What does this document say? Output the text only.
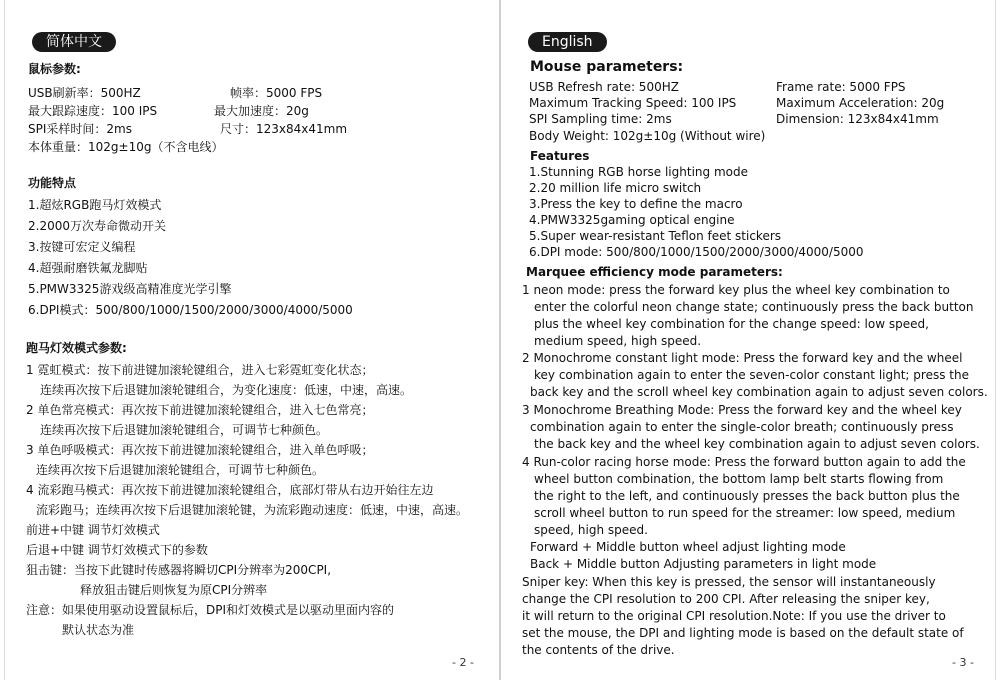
简体中文
鼠标参数:
USB刷新率：500HZ	帧率：5000 FPS
最大跟踪速度：100 IPS	最大加速度：20g
SPI采样时间：2ms	尺寸：123x84x41mm
本体重量：102g±10g（不含电线）
功能特点
1.超炫RGB跑马灯效模式
2.2000万次寿命微动开关
3.按键可宏定义编程
4.超强耐磨铁氟龙脚贴
5.PMW3325游戏级高精准度光学引擎
6.DPI模式：500/800/1000/1500/2000/3000/4000/5000
跑马灯效模式参数:
1 霓虹模式：按下前进键加滚轮键组合，进入七彩霓虹变化状态；
连续再次按下后退键加滚轮键组合，为变化速度：低速，中速，高速。
2 单色常亮模式：再次按下前进键加滚轮键组合，进入七色常亮；
连续再次按下后退键加滚轮键组合，可调节七种颜色。
3 单色呼吸模式：再次按下前进键加滚轮键组合，进入单色呼吸；
连续再次按下后退键加滚轮键组合，可调节七种颜色。
4 流彩跑马模式：再次按下前进键加滚轮键组合，底部灯带从右边开始往左边
流彩跑马；连续再次按下后退键加滚轮键，为流彩跑动速度：低速，中速，高速。
前进+中键 调节灯效模式
后退+中键 调节灯效模式下的参数
狙击键：当按下此键时传感器将瞬切CPI分辨率为200CPI,
释放狙击键后则恢复为原CPI分辨率
注意：如果使用驱动设置鼠标后，DPI和灯效模式是以驱动里面内容的
默认状态为准
- 2 -
English
Mouse parameters:
USB Refresh rate: 500HZ	Frame rate: 5000 FPS
Maximum Tracking Speed: 100 IPS	Maximum Acceleration: 20g
SPI Sampling time: 2ms	Dimension: 123x84x41mm
Body Weight: 102g±10g (Without wire)
Features
1.Stunning RGB horse lighting mode
2.20 million life micro switch
3.Press the key to define the macro
4.PMW3325gaming optical engine
5.Super wear-resistant Teflon feet stickers
6.DPI mode: 500/800/1000/1500/2000/3000/4000/5000
Marquee efficiency mode parameters:
1 neon mode: press the forward key plus the wheel key combination to
enter the colorful neon change state; continuously press the back button
plus the wheel key combination for the change speed: low speed,
medium speed, high speed.
2 Monochrome constant light mode: Press the forward key and the wheel
key combination again to enter the seven-color constant light; press the
back key and the scroll wheel key combination again to adjust seven colors.
3 Monochrome Breathing Mode: Press the forward key and the wheel key
combination again to enter the single-color breath; continuously press
the back key and the wheel key combination again to adjust seven colors.
4 Run-color racing horse mode: Press the forward button again to add the
wheel button combination, the bottom lamp belt starts flowing from
the right to the left, and continuously presses the back button plus the
scroll wheel button to run speed for the streamer: low speed, medium
speed, high speed.
Forward + Middle button wheel adjust lighting mode
Back + Middle button Adjusting parameters in light mode
Sniper key: When this key is pressed, the sensor will instantaneously
change the CPI resolution to 200 CPI. After releasing the sniper key,
it will return to the original CPI resolution.Note: If you use the driver to
set the mouse, the DPI and lighting mode is based on the default state of
the contents of the drive.
- 3 -
